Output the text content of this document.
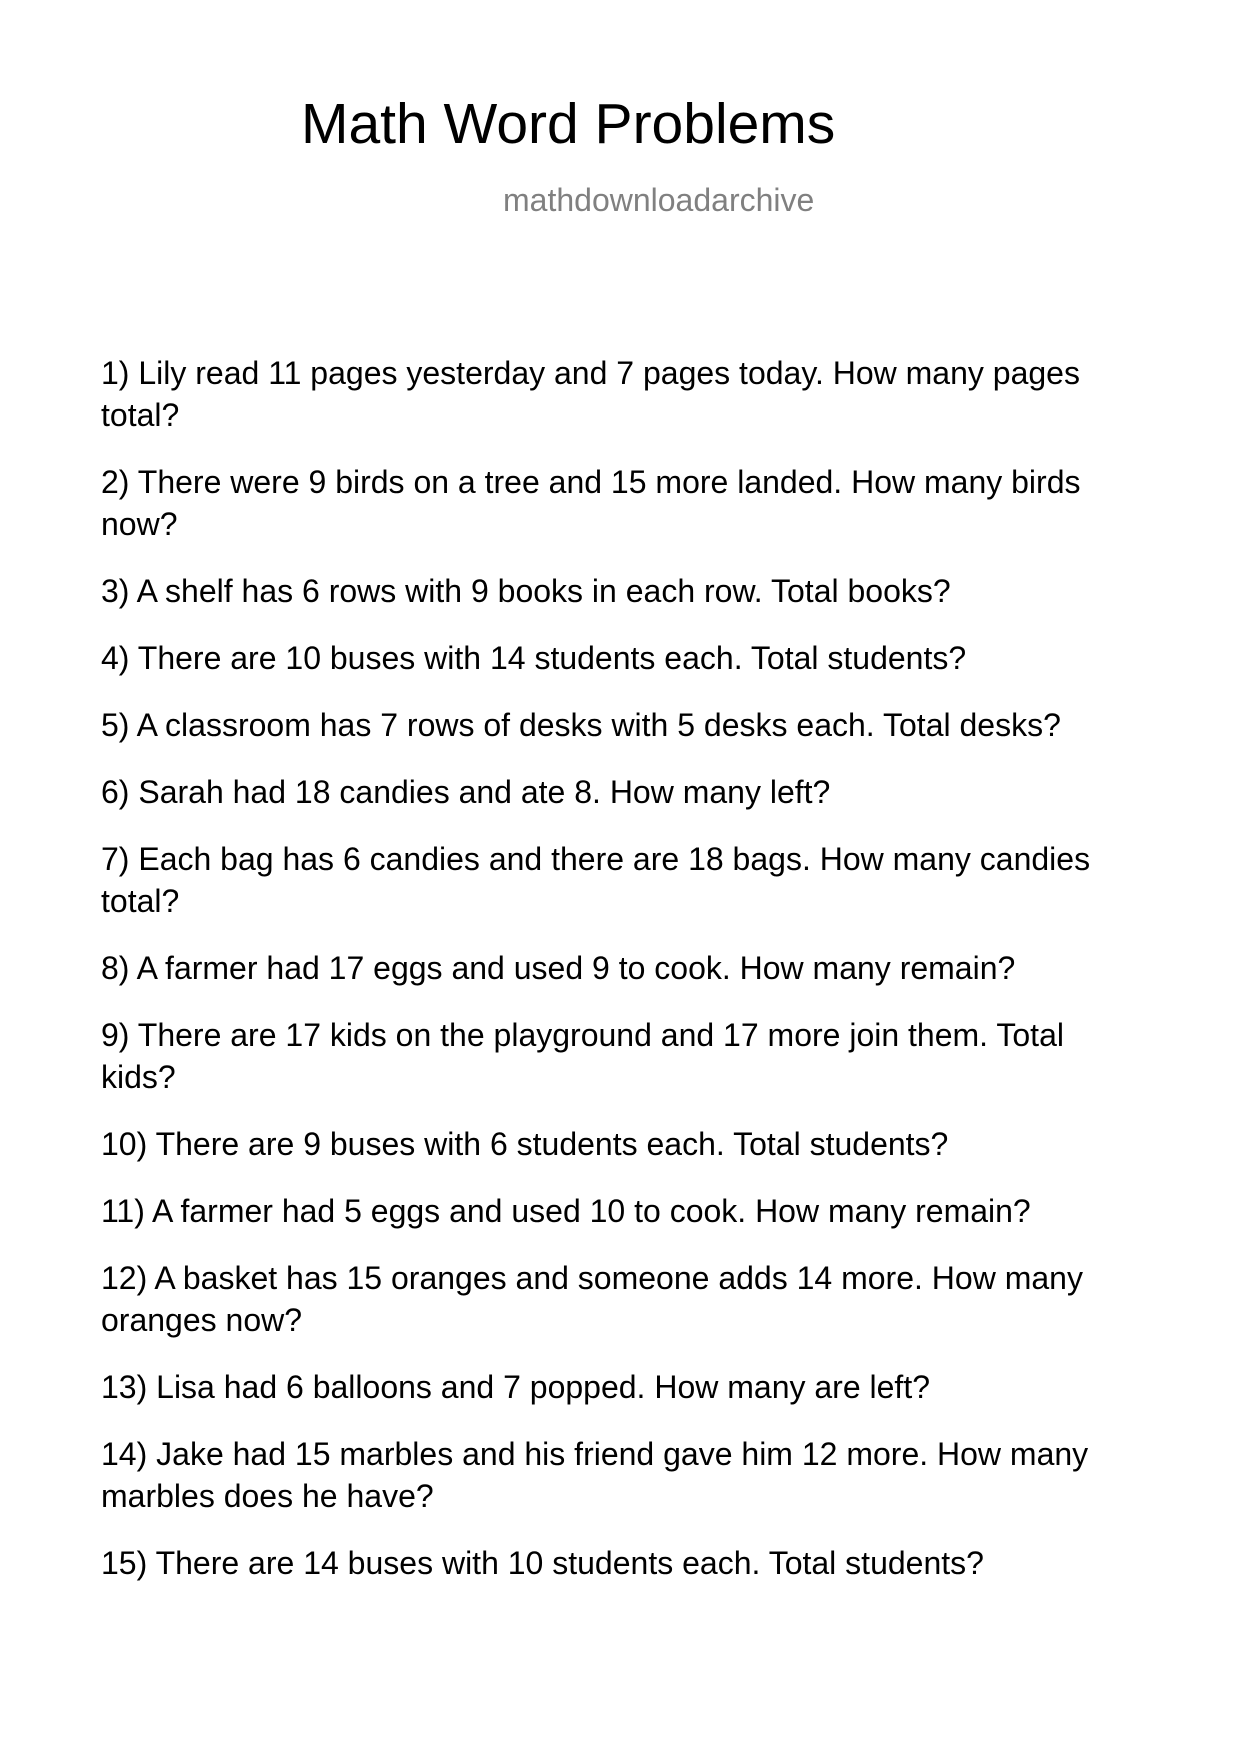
Math Word Problems
mathdownloadarchive
1) Lily read 11 pages yesterday and 7 pages today. How many pages total?
2) There were 9 birds on a tree and 15 more landed. How many birds now?
3) A shelf has 6 rows with 9 books in each row. Total books?
4) There are 10 buses with 14 students each. Total students?
5) A classroom has 7 rows of desks with 5 desks each. Total desks?
6) Sarah had 18 candies and ate 8. How many left?
7) Each bag has 6 candies and there are 18 bags. How many candies total?
8) A farmer had 17 eggs and used 9 to cook. How many remain?
9) There are 17 kids on the playground and 17 more join them. Total kids?
10) There are 9 buses with 6 students each. Total students?
11) A farmer had 5 eggs and used 10 to cook. How many remain?
12) A basket has 15 oranges and someone adds 14 more. How many oranges now?
13) Lisa had 6 balloons and 7 popped. How many are left?
14) Jake had 15 marbles and his friend gave him 12 more. How many marbles does he have?
15) There are 14 buses with 10 students each. Total students?
